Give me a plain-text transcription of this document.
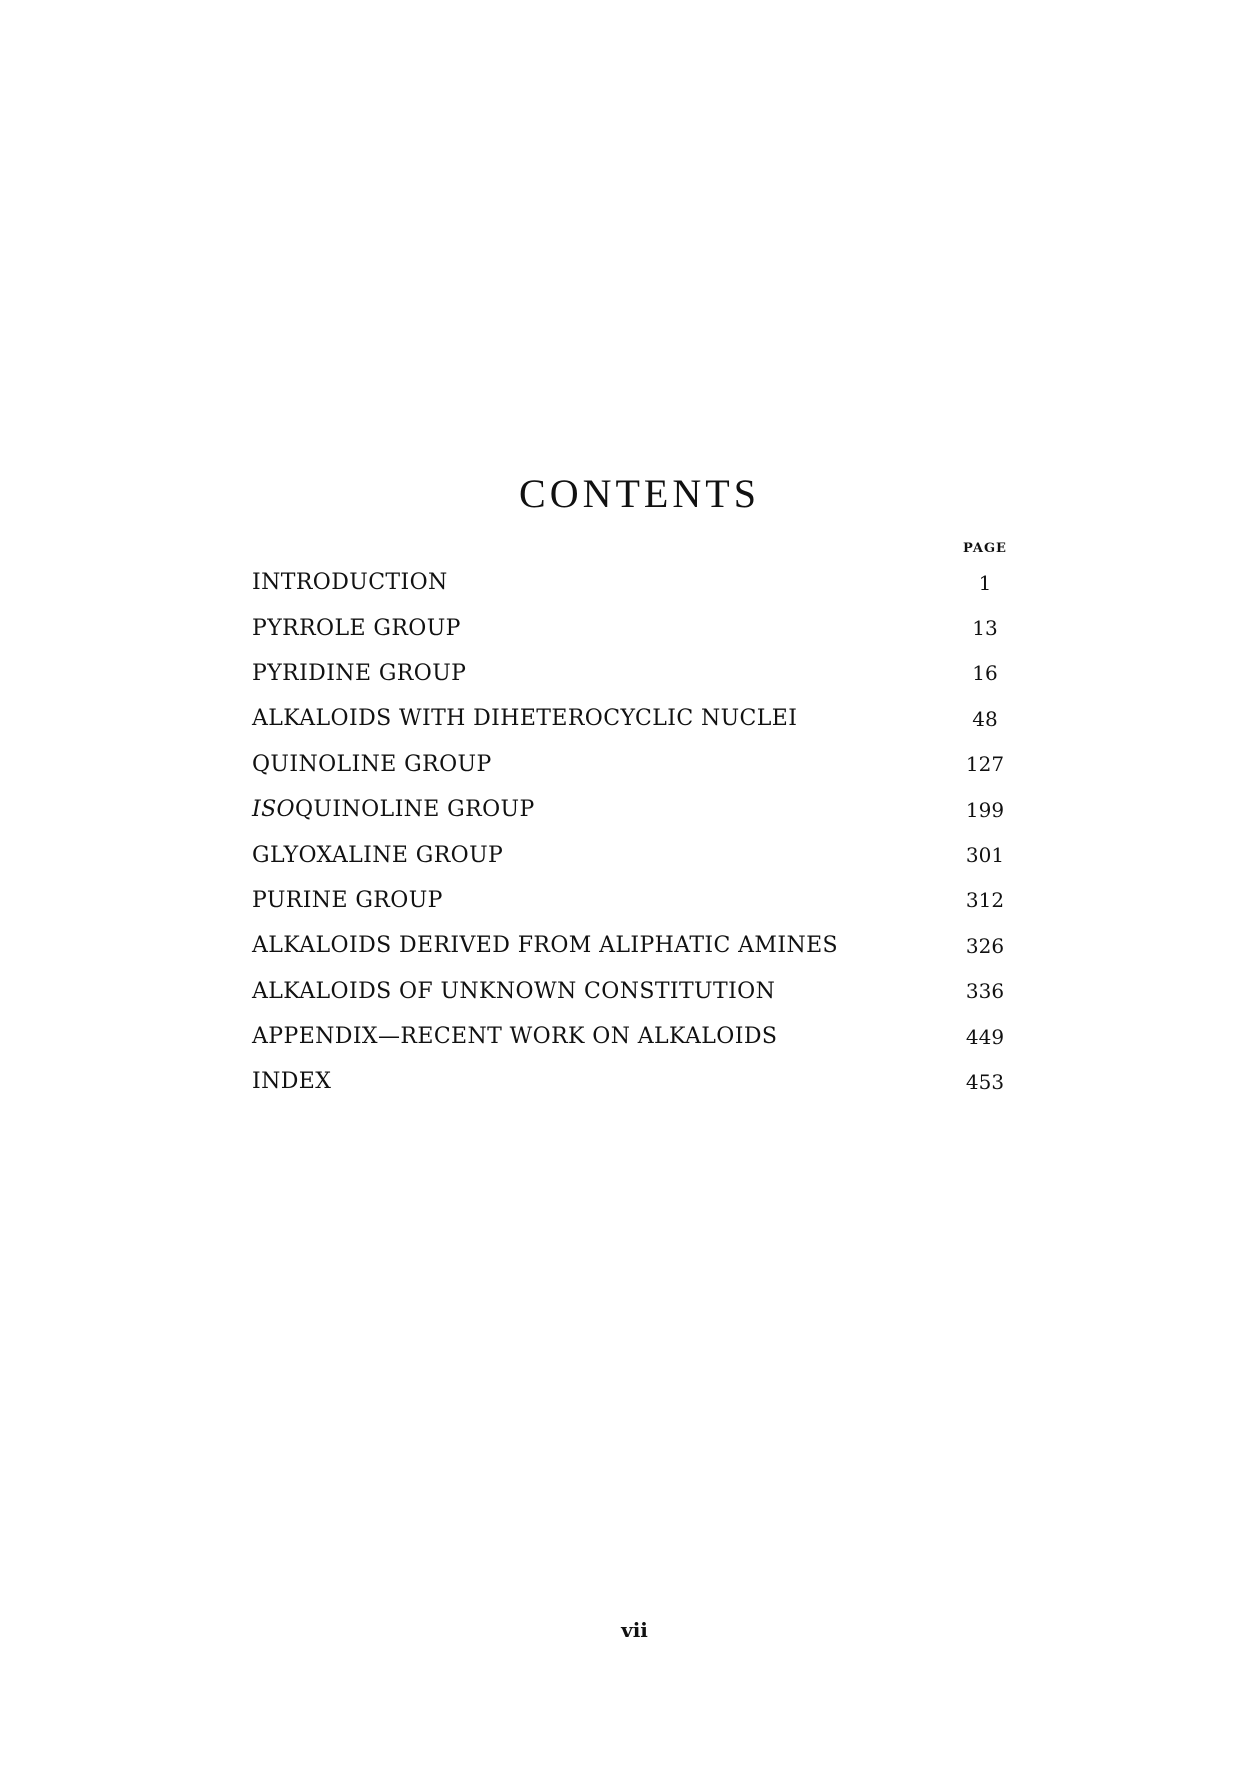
CONTENTS
PAGE
INTRODUCTION	1
PYRROLE GROUP	13
PYRIDINE GROUP	16
ALKALOIDS WITH DIHETEROCYCLIC NUCLEI	48
QUINOLINE GROUP	127
ISOQUINOLINE GROUP	199
GLYOXALINE GROUP	301
PURINE GROUP	312
ALKALOIDS DERIVED FROM ALIPHATIC AMINES	326
ALKALOIDS OF UNKNOWN CONSTITUTION	336
APPENDIX—RECENT WORK ON ALKALOIDS	449
INDEX	453
vii
